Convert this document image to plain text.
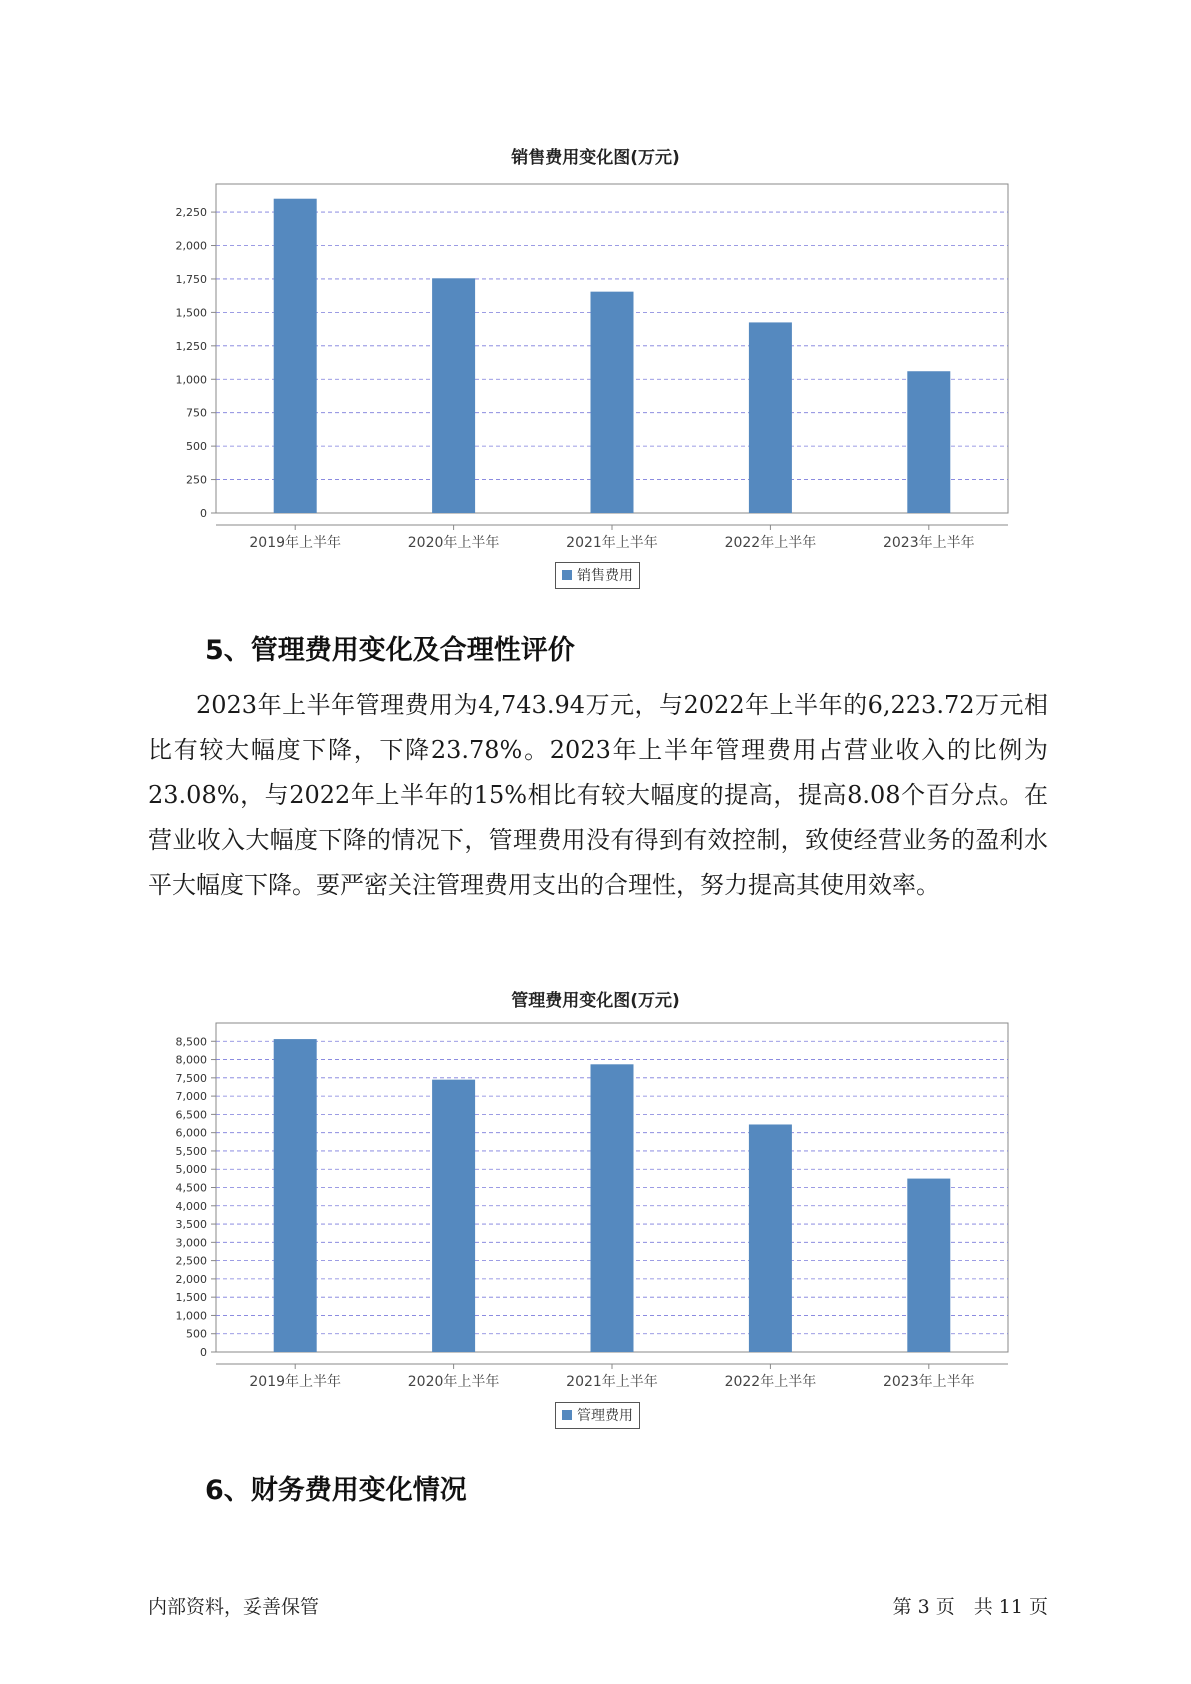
销售费用变化图(万元)
0
250
500
750
1,000
1,250
1,500
1,750
2,000
2,250
2019年上半年	2020年上半年	2021年上半年	2022年上半年	2023年上半年
销售费用
5、管理费用变化及合理性评价
2023年上半年管理费用为4,743.94万元，与2022年上半年的6,223.72万元相比有较大幅度下降，下降23.78%。2023年上半年管理费用占营业收入的比例为23.08%，与2022年上半年的15%相比有较大幅度的提高，提高8.08个百分点。在营业收入大幅度下降的情况下，管理费用没有得到有效控制，致使经营业务的盈利水平大幅度下降。要严密关注管理费用支出的合理性，努力提高其使用效率。
管理费用变化图(万元)
0
500
1,000
1,500
2,000
2,500
3,000
3,500
4,000
4,500
5,000
5,500
6,000
6,500
7,000
7,500
8,000
8,500
2019年上半年	2020年上半年	2021年上半年	2022年上半年	2023年上半年
管理费用
6、财务费用变化情况
内部资料，妥善保管	第 3 页　共 11 页
